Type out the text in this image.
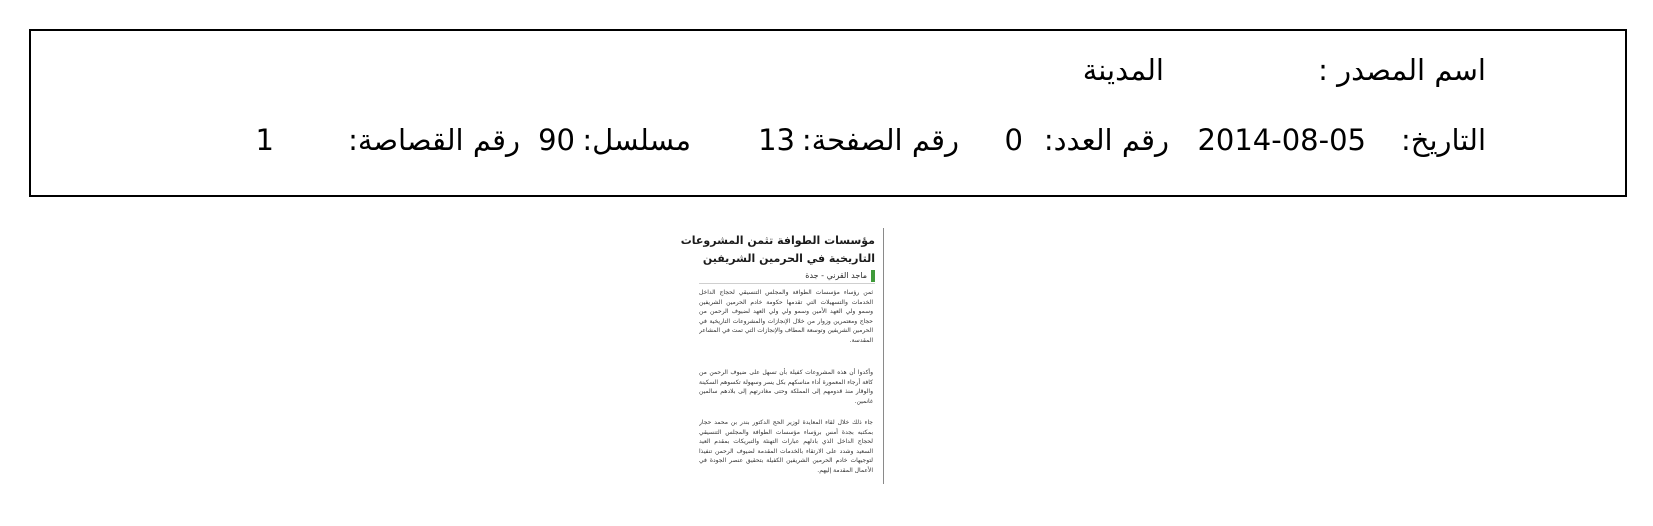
اسم المصدر :
المدينة
التاريخ:
2014-08-05
رقم العدد:
0
رقم الصفحة:
13
مسلسل:
90
رقم القصاصة:
1
مؤسسات الطوافة تثمن المشروعات
التاريخية في الحرمين الشريفين
ماجد القرني - جدة
ثمن رؤساء مؤسسات الطوافة والمجلس التنسيقي لحجاج الداخل الخدمات والتسهيلات التي تقدمها حكومة خادم الحرمين الشريفين وسمو ولي العهد الأمين وسمو ولي ولي العهد لضيوف الرحمن من حجاج ومعتمرين وزوار من خلال الإنجازات والمشروعات التاريخية في الحرمين الشريفين وتوسعة المطاف والإنجازات التي تمت في المشاعر المقدسة.
وأكدوا أن هذه المشروعات كفيلة بأن تسهل على ضيوف الرحمن من كافة أرجاء المعمورة أداء مناسكهم بكل يسر وسهولة تكسوهم السكينة والوقار منذ قدومهم إلى المملكة وحتى مغادرتهم إلى بلادهم سالمين غانمين.
جاء ذلك خلال لقاء المعايدة لوزير الحج الدكتور بندر بن محمد حجار بمكتبه بجدة أمس برؤساء مؤسسات الطوافة والمجلس التنسيقي لحجاج الداخل الذي بادلهم عبارات التهنئة والتبريكات بمقدم العيد السعيد وشدد على الارتقاء بالخدمات المقدمة لضيوف الرحمن تنفيذا لتوجيهات خادم الحرمين الشريفين الكفيلة بتحقيق عنصر الجودة في الأعمال المقدمة إليهم.
